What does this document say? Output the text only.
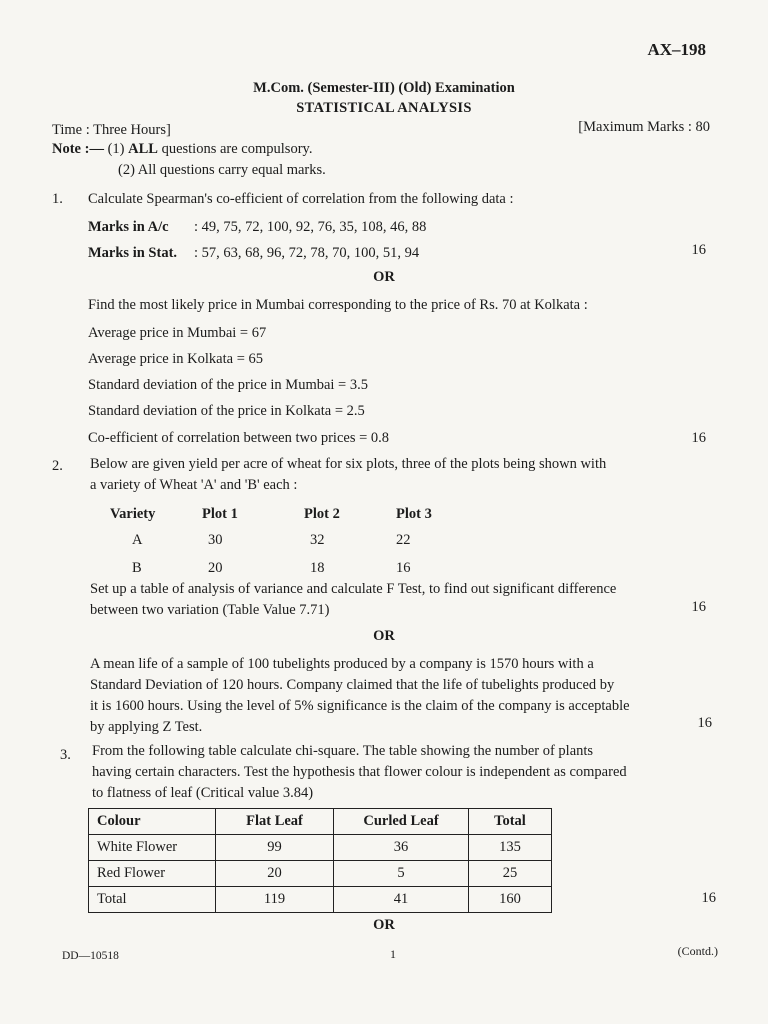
AX–198
M.Com. (Semester-III) (Old) Examination
STATISTICAL ANALYSIS
Time : Three Hours]	[Maximum Marks : 80
Note :— (1) ALL questions are compulsory.
(2) All questions carry equal marks.
1. Calculate Spearman's co-efficient of correlation from the following data :
Marks in A/c : 49, 75, 72, 100, 92, 76, 35, 108, 46, 88
Marks in Stat. : 57, 63, 68, 96, 72, 78, 70, 100, 51, 94	16
OR
Find the most likely price in Mumbai corresponding to the price of Rs. 70 at Kolkata :
Average price in Mumbai = 67
Average price in Kolkata = 65
Standard deviation of the price in Mumbai = 3.5
Standard deviation of the price in Kolkata = 2.5
Co-efficient of correlation between two prices = 0.8	16
2. Below are given yield per acre of wheat for six plots, three of the plots being shown with
a variety of Wheat 'A' and 'B' each :
Variety	Plot 1	Plot 2	Plot 3
A	30	32	22
B	20	18	16
Set up a table of analysis of variance and calculate F Test, to find out significant difference
between two variation (Table Value 7.71)	16
OR
A mean life of a sample of 100 tubelights produced by a company is 1570 hours with a
Standard Deviation of 120 hours. Company claimed that the life of tubelights produced by
it is 1600 hours. Using the level of 5% significance is the claim of the company is acceptable
by applying Z Test.	16
3. From the following table calculate chi-square. The table showing the number of plants
having certain characters. Test the hypothesis that flower colour is independent as compared
to flatness of leaf (Critical value 3.84)
Colour	Flat Leaf	Curled Leaf	Total
White Flower	99	36	135
Red Flower	20	5	25
Total	119	41	160	16
OR
DD—10518	1	(Contd.)
